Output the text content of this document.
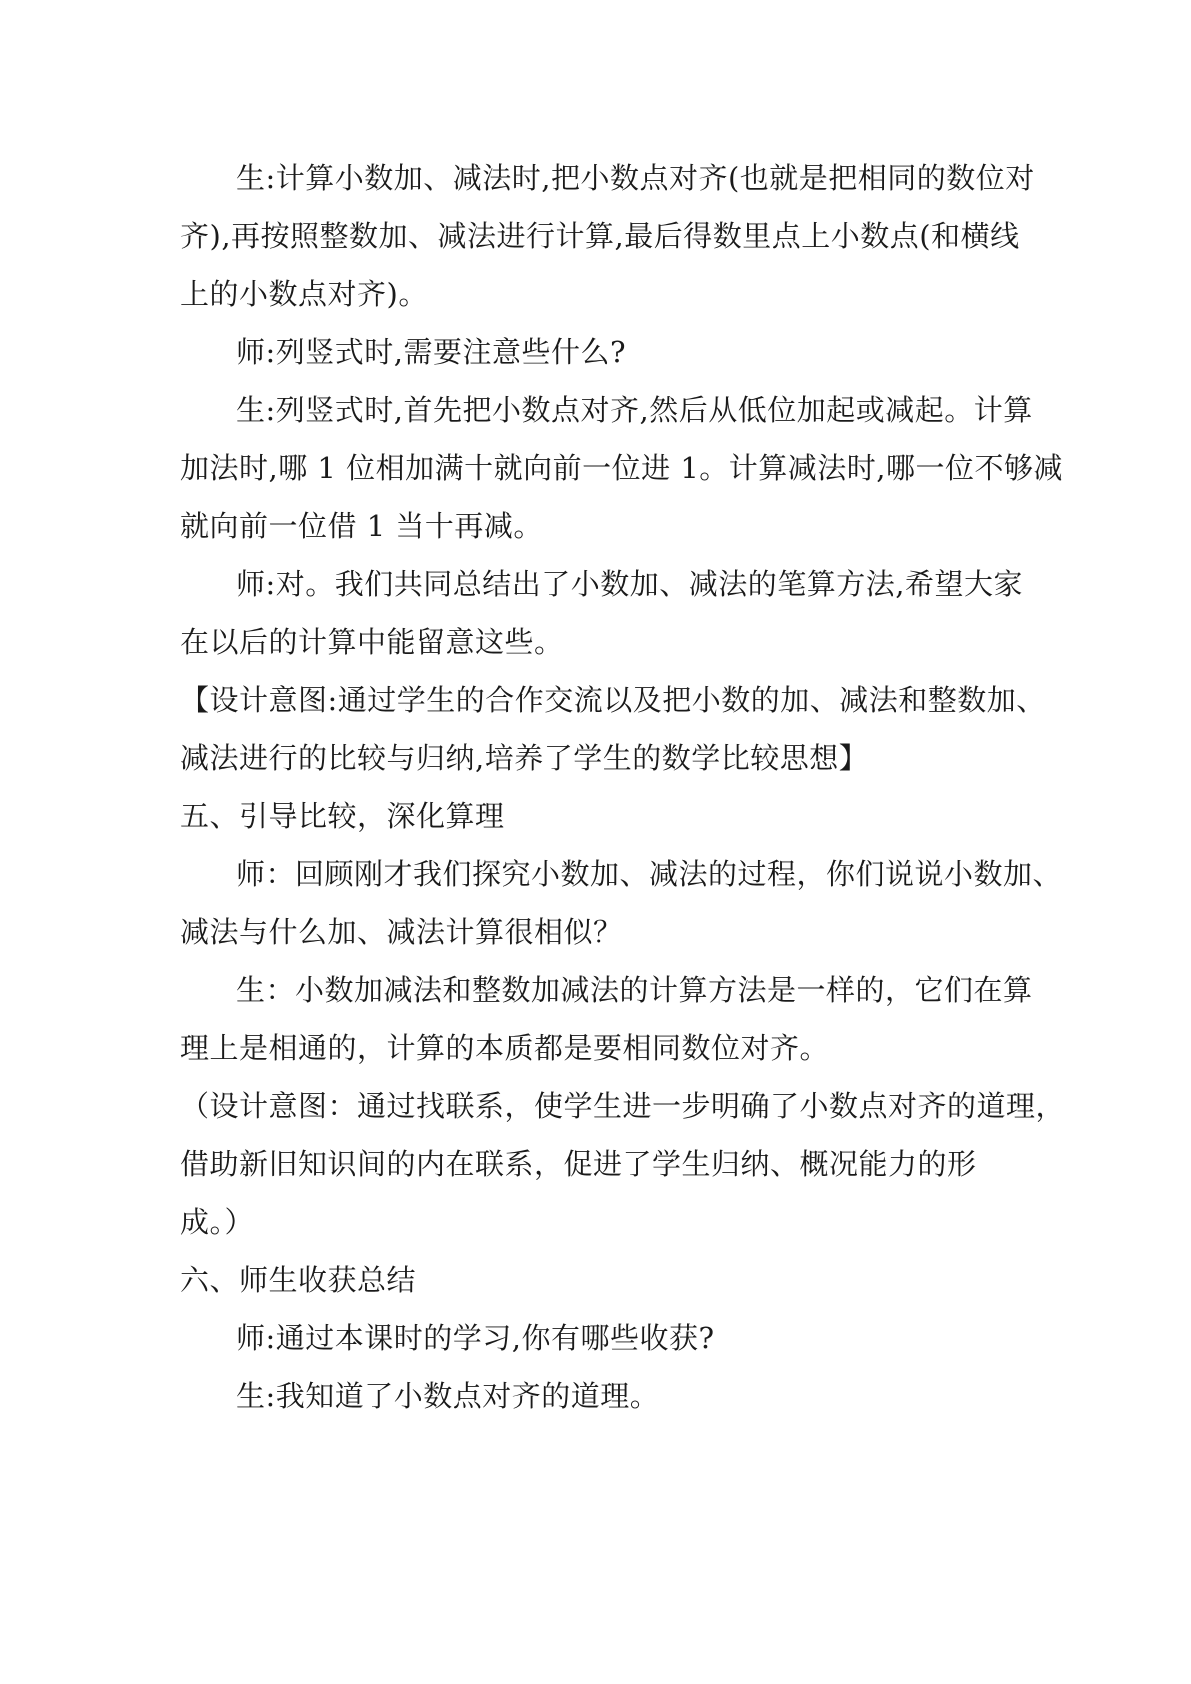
生:计算小数加、减法时,把小数点对齐(也就是把相同的数位对
齐),再按照整数加、减法进行计算,最后得数里点上小数点(和横线
上的小数点对齐)。
师:列竖式时,需要注意些什么?
生:列竖式时,首先把小数点对齐,然后从低位加起或减起。计算
加法时,哪 1 位相加满十就向前一位进 1。计算减法时,哪一位不够减
就向前一位借 1 当十再减。
师:对。我们共同总结出了小数加、减法的笔算方法,希望大家
在以后的计算中能留意这些。
【设计意图:通过学生的合作交流以及把小数的加、减法和整数加、
减法进行的比较与归纳,培养了学生的数学比较思想】
五、引导比较，深化算理
师：回顾刚才我们探究小数加、减法的过程，你们说说小数加、
减法与什么加、减法计算很相似？
生：小数加减法和整数加减法的计算方法是一样的，它们在算
理上是相通的，计算的本质都是要相同数位对齐。
（设计意图：通过找联系，使学生进一步明确了小数点对齐的道理，
借助新旧知识间的内在联系，促进了学生归纳、概况能力的形
成。）
六、师生收获总结
师:通过本课时的学习,你有哪些收获?
生:我知道了小数点对齐的道理。
